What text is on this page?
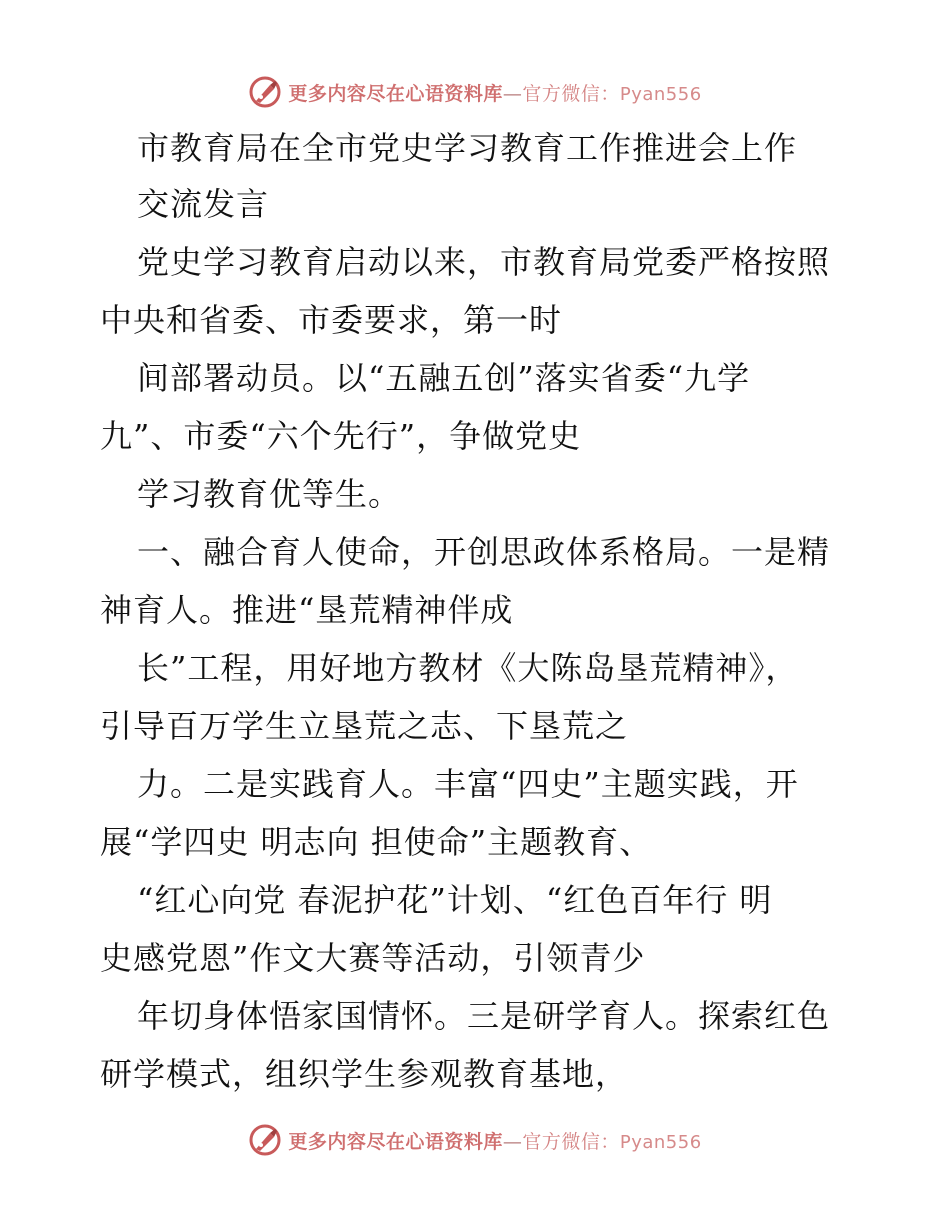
更多内容尽在心语资料库—官方微信：Pyan556
市教育局在全市党史学习教育工作推进会上作
交流发言
党史学习教育启动以来，市教育局党委严格按照
中央和省委、市委要求，第一时
间部署动员。以“五融五创”落实省委“九学
九”、市委“六个先行”，争做党史
学习教育优等生。
一、融合育人使命，开创思政体系格局。一是精
神育人。推进“垦荒精神伴成
长”工程，用好地方教材《大陈岛垦荒精神》，
引导百万学生立垦荒之志、下垦荒之
力。二是实践育人。丰富“四史”主题实践，开
展“学四史 明志向 担使命”主题教育、
“红心向党 春泥护花”计划、“红色百年行 明
史感党恩”作文大赛等活动，引领青少
年切身体悟家国情怀。三是研学育人。探索红色
研学模式，组织学生参观教育基地，
更多内容尽在心语资料库—官方微信：Pyan556
